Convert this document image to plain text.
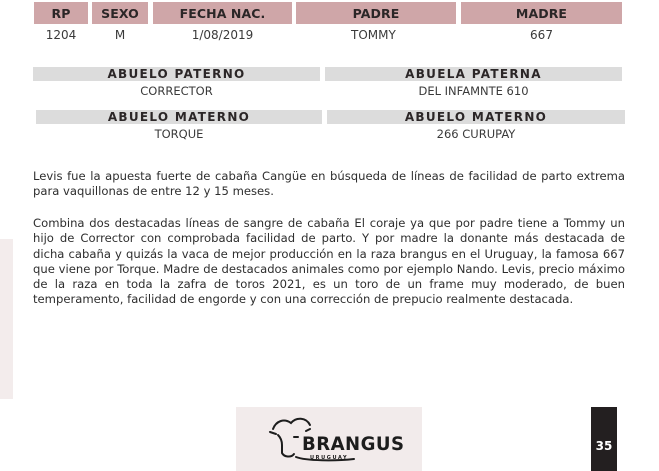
RP	SEXO	FECHA NAC.	PADRE	MADRE
1204	M	1/08/2019	TOMMY	667
ABUELO PATERNO	ABUELA PATERNA
CORRECTOR	DEL INFAMNTE 610
ABUELO MATERNO	ABUELO MATERNO
TORQUE	266 CURUPAY

Levis fue la apuesta fuerte de cabaña Cangüe en búsqueda de líneas de facilidad de parto extrema para vaquillonas de entre 12 y 15 meses.

Combina dos destacadas líneas de sangre de cabaña El coraje ya que por padre tiene a Tommy un hijo de Corrector con comprobada facilidad de parto. Y por madre la donante más destacada de dicha cabaña y quizás la vaca de mejor producción en la raza brangus en el Uruguay, la famosa 667 que viene por Torque. Madre de destacados animales como por ejemplo Nando. Levis, precio máximo de la raza en toda la zafra de toros 2021, es un toro de un frame muy moderado, de buen temperamento, facilidad de engorde y con una corrección de prepucio realmente destacada.

BRANGUS
URUGUAY
35
